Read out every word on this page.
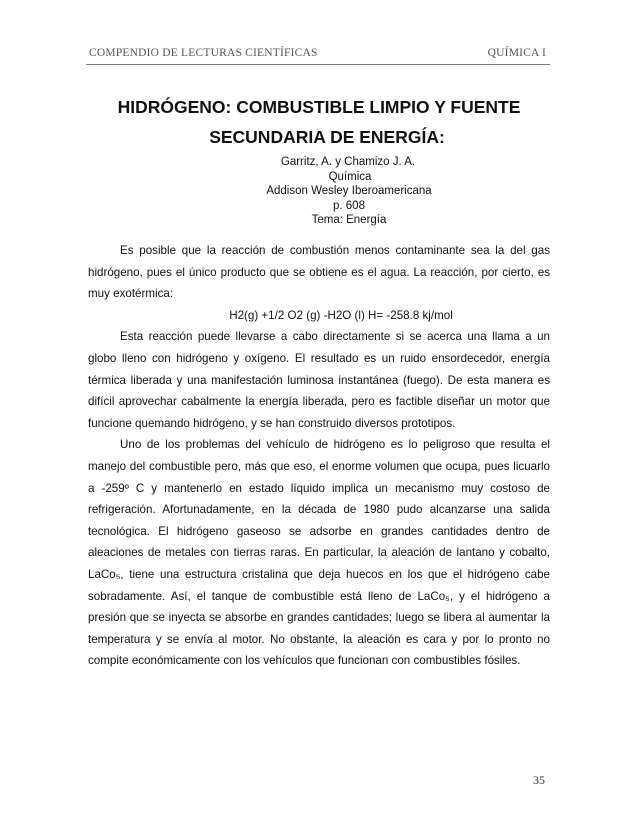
COMPENDIO DE LECTURAS CIENTÍFICAS	QUÍMICA I
HIDRÓGENO: COMBUSTIBLE LIMPIO Y FUENTE
SECUNDARIA DE ENERGÍA:
Garritz, A. y Chamizo J. A.
Química
Addison Wesley Iberoamericana
p. 608
Tema: Energía

Es posible que la reacción de combustión menos contaminante sea la del gas hidrógeno, pues el único producto que se obtiene es el agua. La reacción, por cierto, es muy exotérmica:

H2(g) +1/2 O2 (g) -H2O (l) H= -258.8 kj/mol

Esta reacción puede llevarse a cabo directamente si se acerca una llama a un globo lleno con hidrógeno y oxígeno. El resultado es un ruido ensordecedor, energía térmica liberada y una manifestación luminosa instantánea (fuego). De esta manera es difícil aprovechar cabalmente la energía liberada, pero es factible diseñar un motor que funcione quemando hidrógeno, y se han construido diversos prototipos.

Uno de los problemas del vehículo de hidrógeno es lo peligroso que resulta el manejo del combustible pero, más que eso, el enorme volumen que ocupa, pues licuarlo a -259º C y mantenerlo en estado líquido implica un mecanismo muy costoso de refrigeración. Afortunadamente, en la década de 1980 pudo alcanzarse una salida tecnológica. El hidrógeno gaseoso se adsorbe en grandes cantidades dentro de aleaciones de metales con tierras raras. En particular, la aleación de lantano y cobalto, LaCo₅, tiene una estructura cristalina que deja huecos en los que el hidrógeno cabe sobradamente. Así, el tanque de combustible está lleno de LaCo₅, y el hidrógeno a presión que se inyecta se absorbe en grandes cantidades; luego se libera al aumentar la temperatura y se envía al motor. No obstante, la aleación es cara y por lo pronto no compite económicamente con los vehículos que funcionan con combustibles fósiles.

35
